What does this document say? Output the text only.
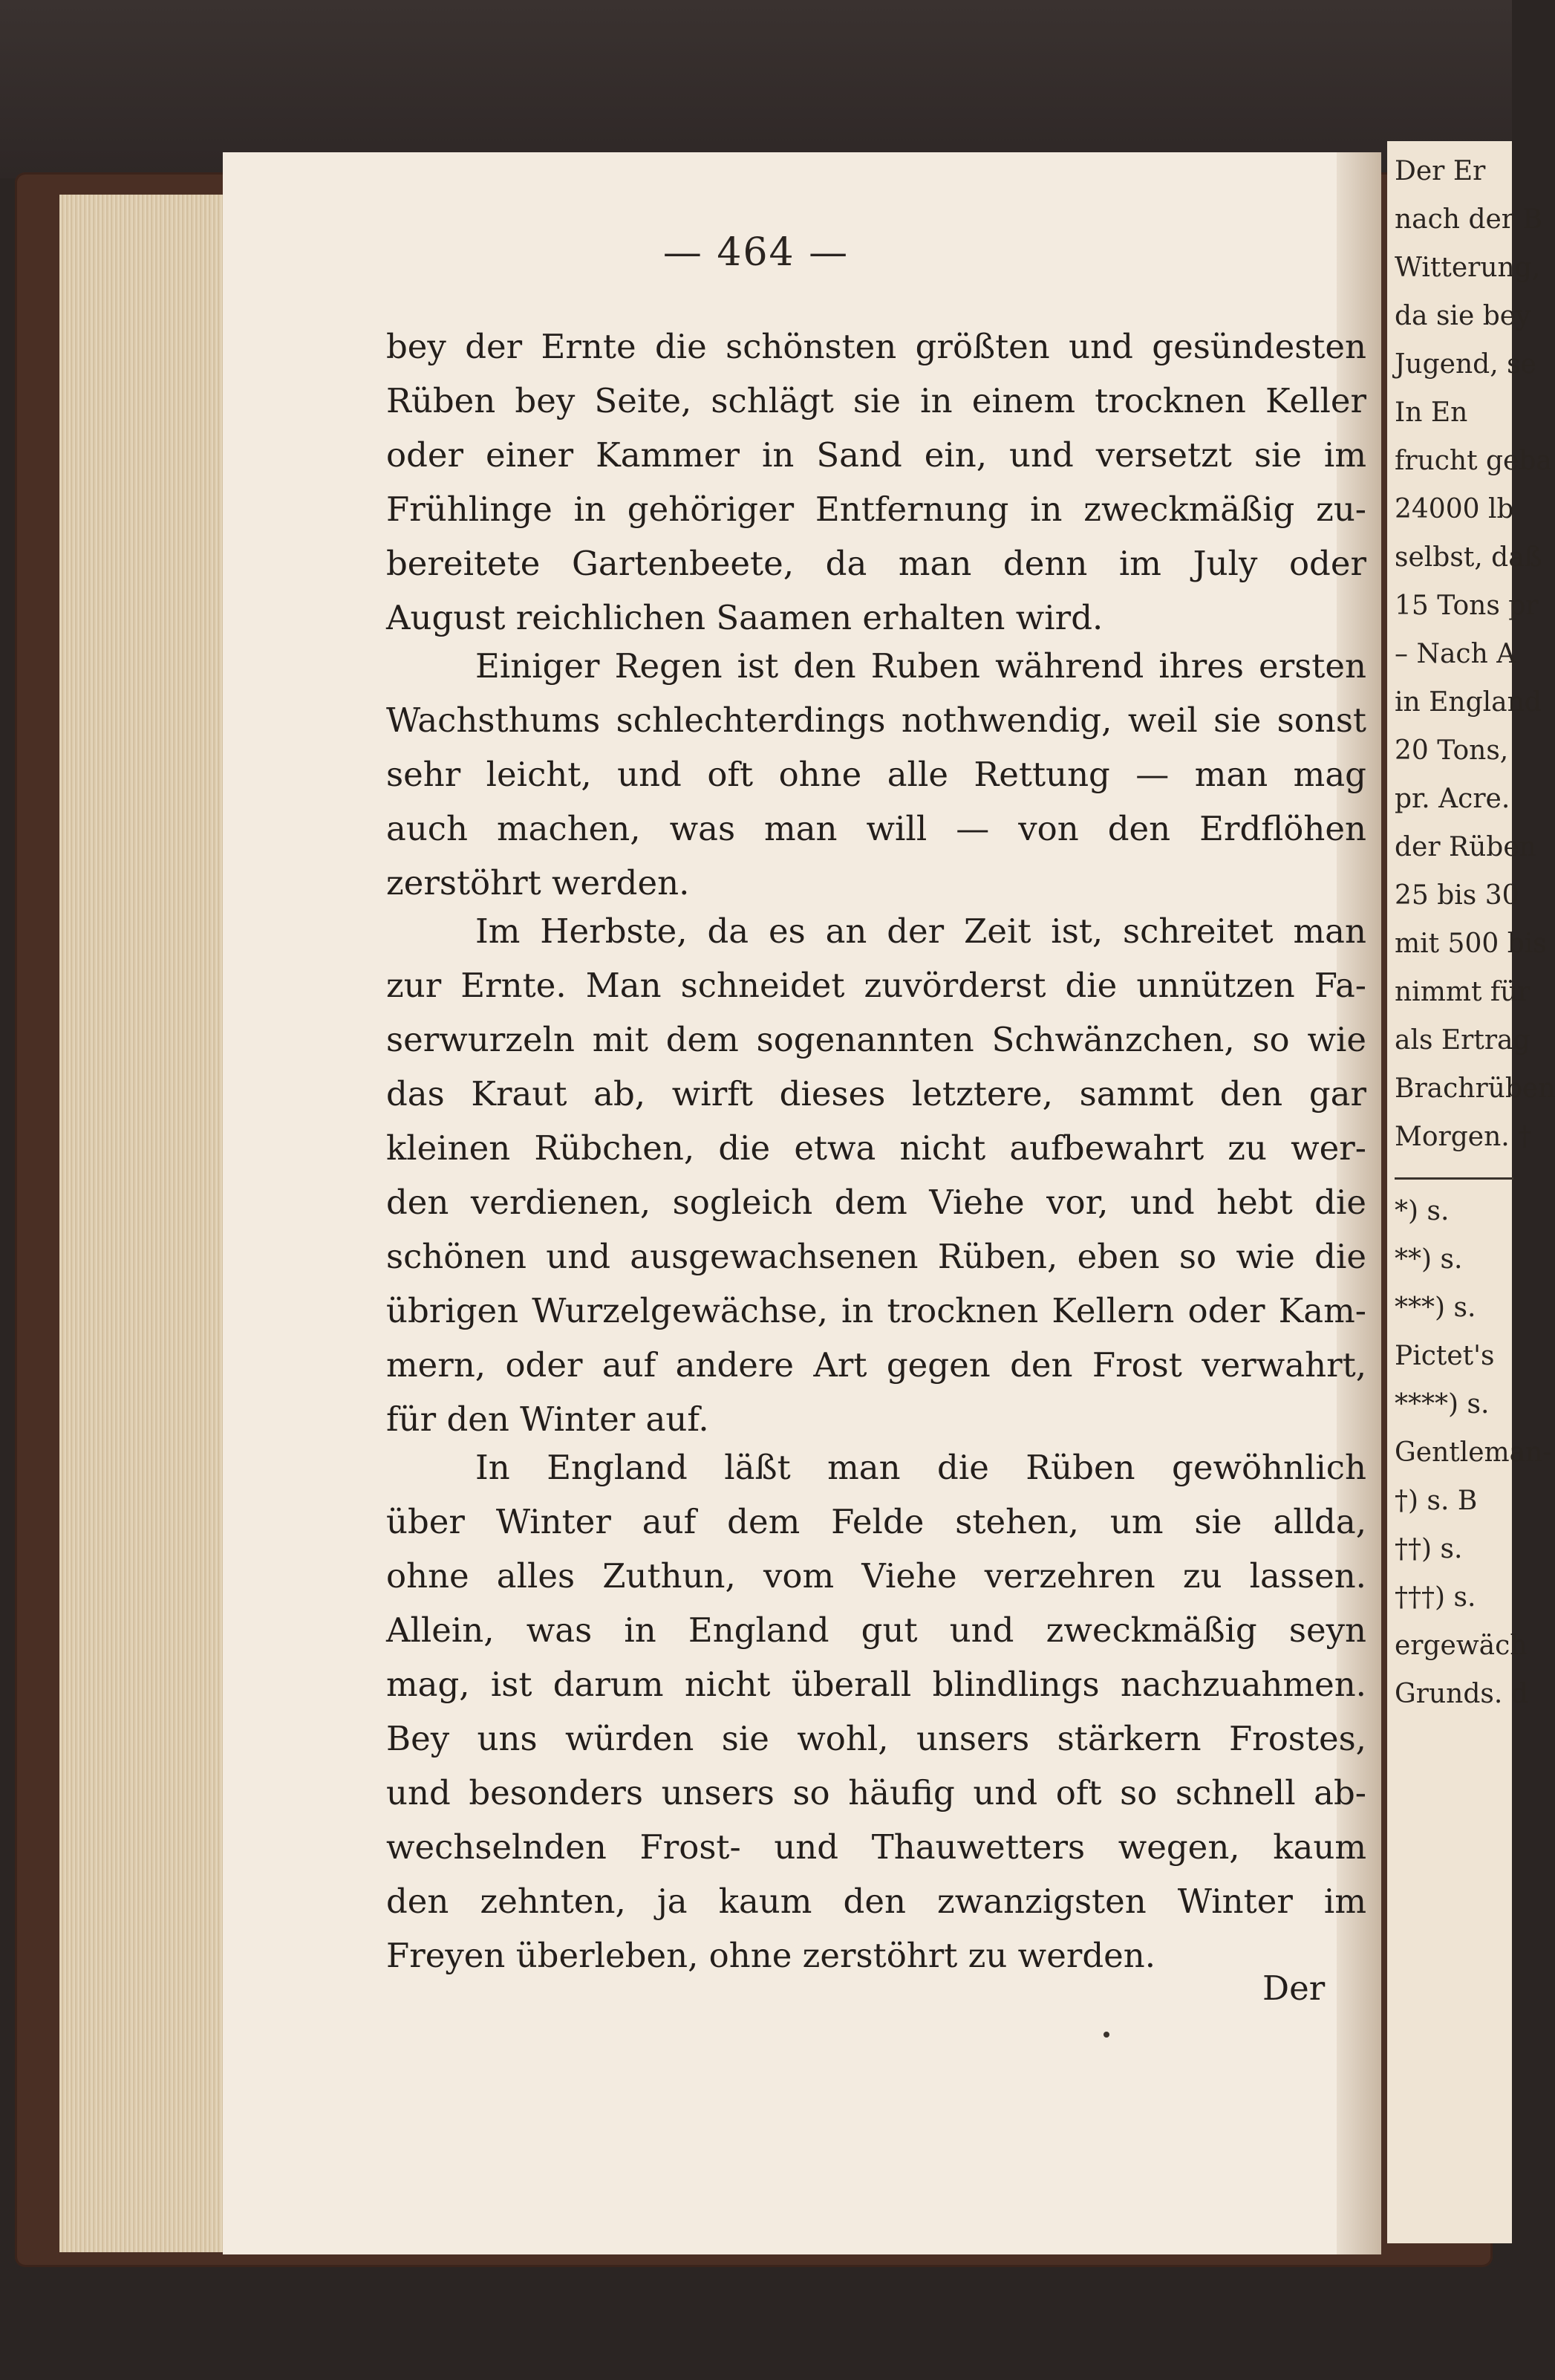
Der Er
nach der B
Witterung,
da sie bey
Jugend, se
In En
frucht geba
24000 lb
selbst, daß
15 Tons pr
– Nach A
in England
20 Tons,
pr. Acre.
der Rüben
25 bis 30
mit 500 bis
nimmt für
als Ertrag
Brachrüben
Morgen. †
*) s.
**) s.
***) s.
Pictet's
****) s.
Gentleman-
†) s. B
††) s.
†††) s.
ergewäch
Grunds. d
— 464 —
bey der Ernte die schönsten größten und gesündesten
Rüben bey Seite, schlägt sie in einem trocknen Keller
oder einer Kammer in Sand ein, und versetzt sie im
Frühlinge in gehöriger Entfernung in zweckmäßig zu-
bereitete Gartenbeete, da man denn im July oder
August reichlichen Saamen erhalten wird.
Einiger Regen ist den Ruben während ihres ersten
Wachsthums schlechterdings nothwendig, weil sie sonst
sehr leicht, und oft ohne alle Rettung — man mag
auch machen, was man will — von den Erdflöhen
zerstöhrt werden.
Im Herbste, da es an der Zeit ist, schreitet man
zur Ernte. Man schneidet zuvörderst die unnützen Fa-
serwurzeln mit dem sogenannten Schwänzchen, so wie
das Kraut ab, wirft dieses letztere, sammt den gar
kleinen Rübchen, die etwa nicht aufbewahrt zu wer-
den verdienen, sogleich dem Viehe vor, und hebt die
schönen und ausgewachsenen Rüben, eben so wie die
übrigen Wurzelgewächse, in trocknen Kellern oder Kam-
mern, oder auf andere Art gegen den Frost verwahrt,
für den Winter auf.
In England läßt man die Rüben gewöhnlich
über Winter auf dem Felde stehen, um sie allda,
ohne alles Zuthun, vom Viehe verzehren zu lassen.
Allein, was in England gut und zweckmäßig seyn
mag, ist darum nicht überall blindlings nachzuahmen.
Bey uns würden sie wohl, unsers stärkern Frostes,
und besonders unsers so häufig und oft so schnell ab-
wechselnden Frost- und Thauwetters wegen, kaum
den zehnten, ja kaum den zwanzigsten Winter im
Freyen überleben, ohne zerstöhrt zu werden.
Der
